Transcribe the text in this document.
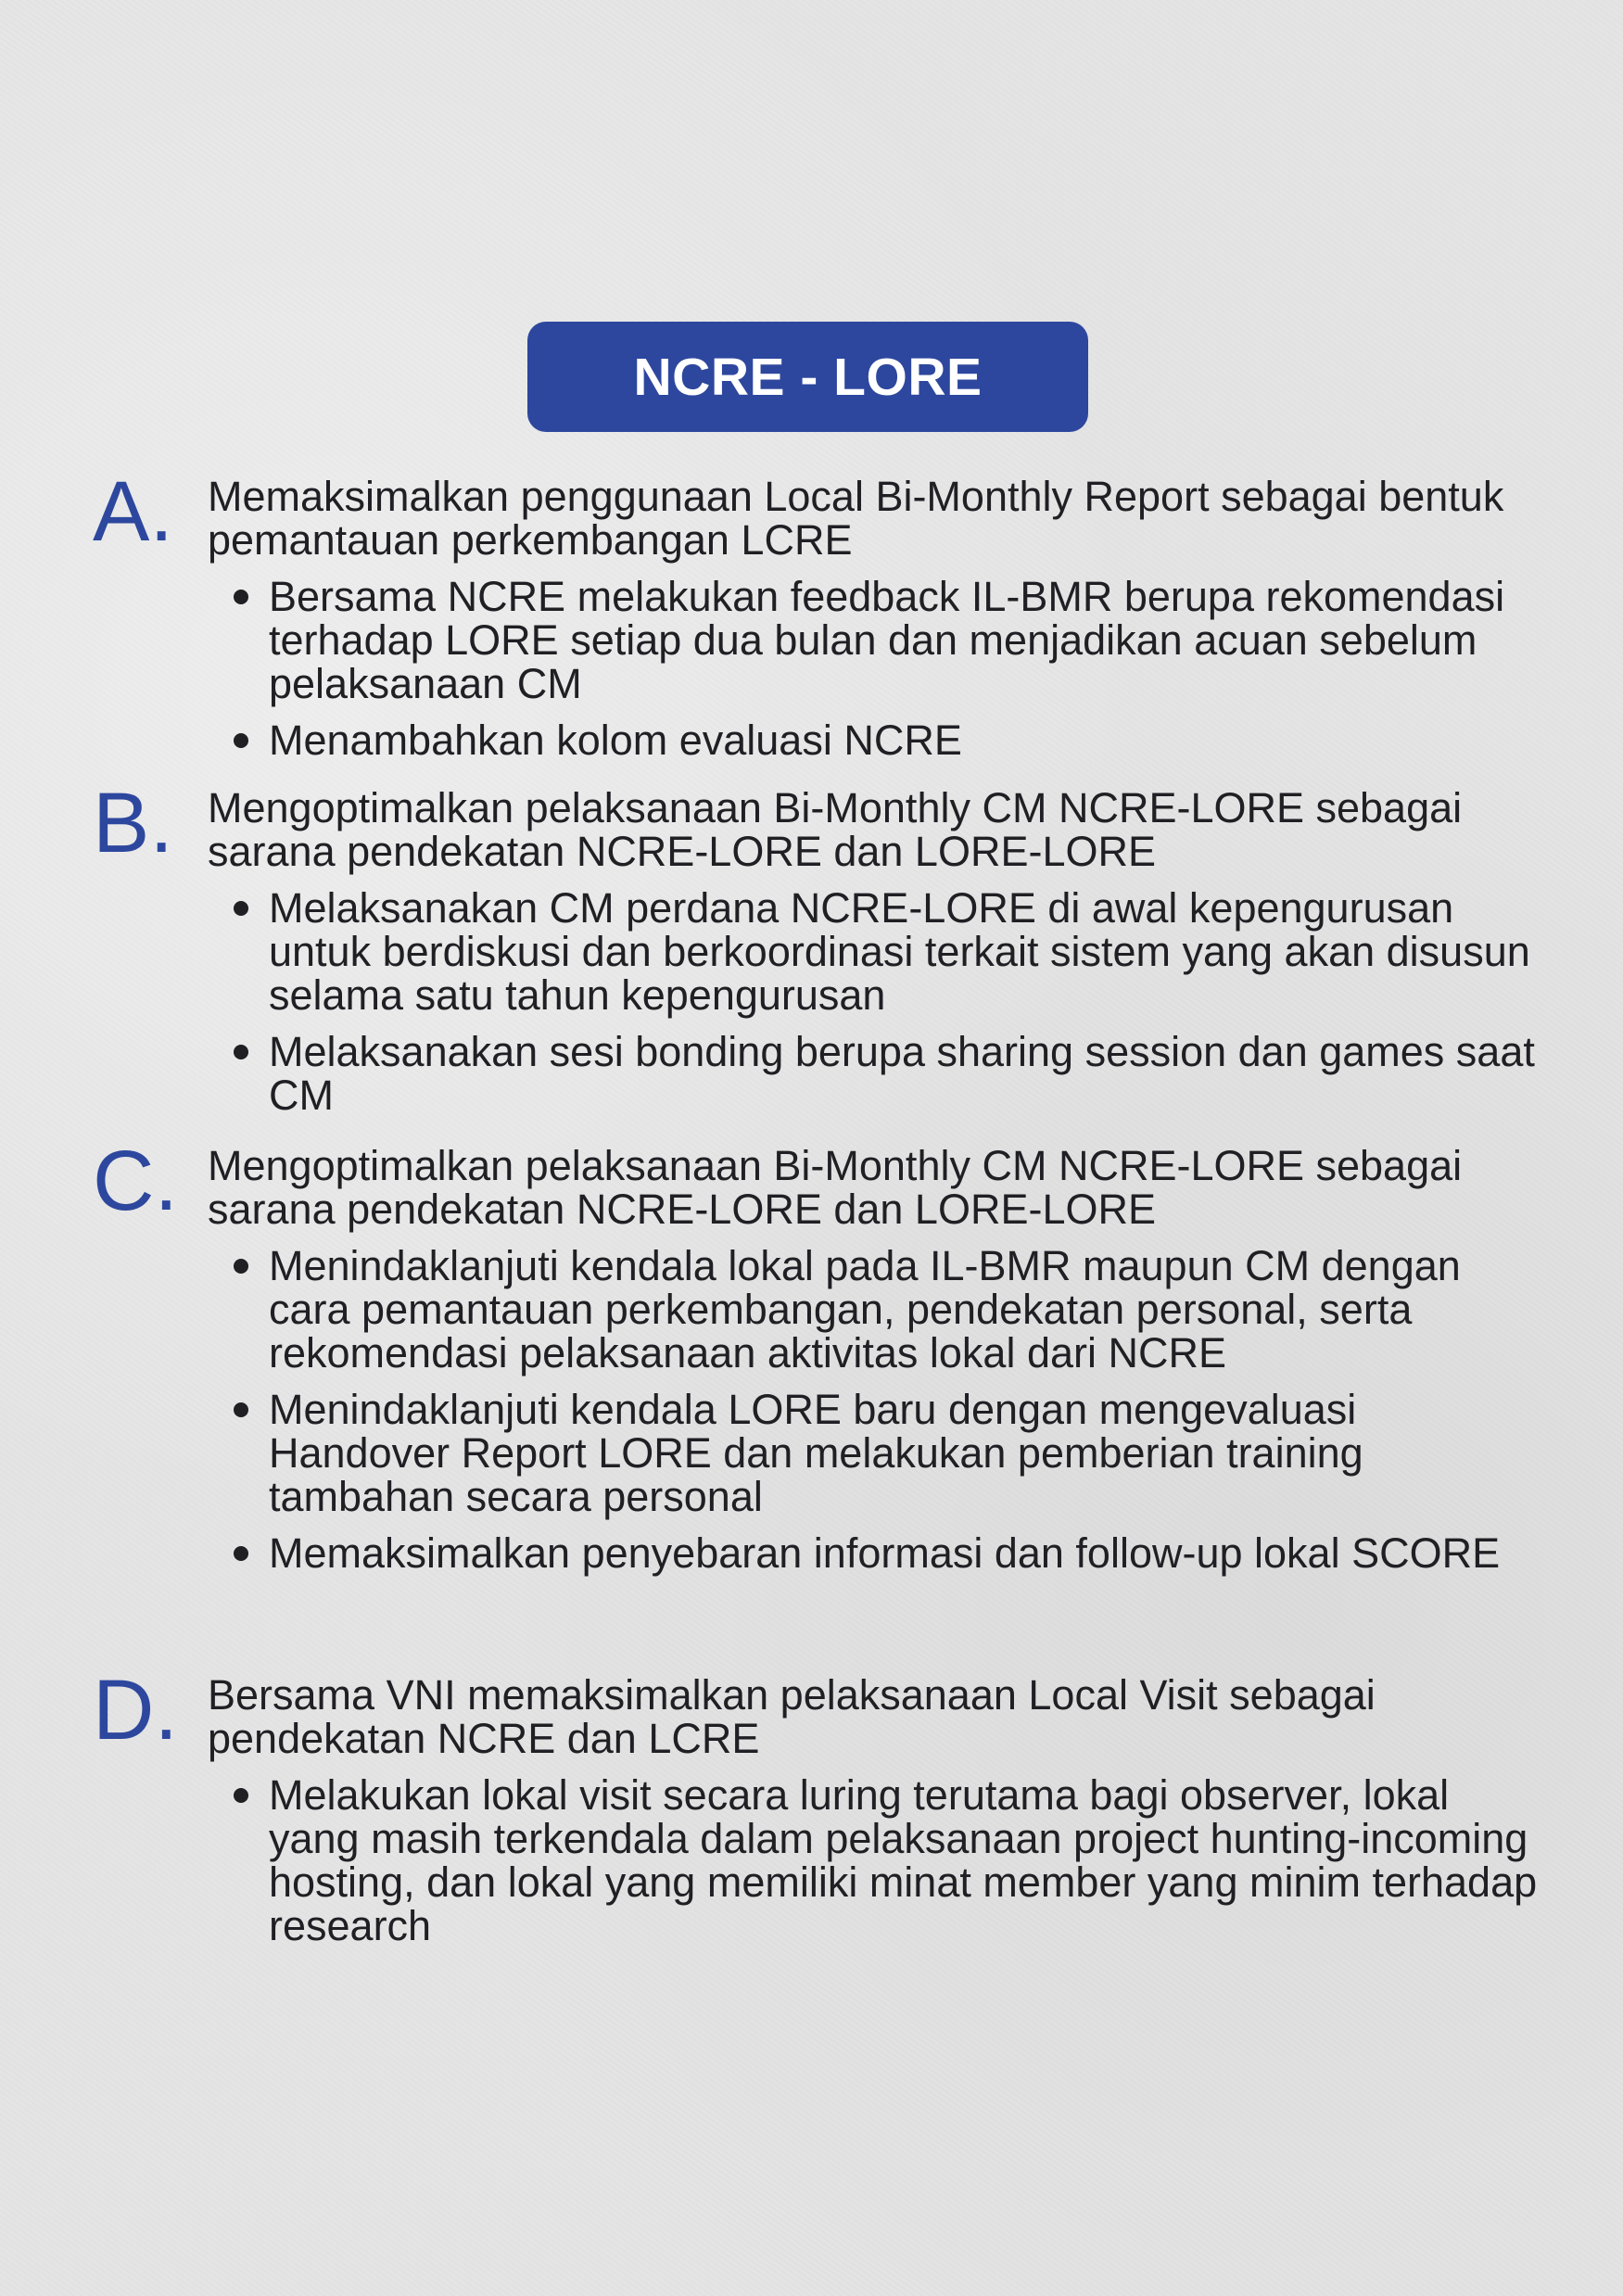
NCRE - LORE
A. Memaksimalkan penggunaan Local Bi-Monthly Report sebagai bentuk pemantauan perkembangan LCRE
Bersama NCRE melakukan feedback IL-BMR berupa rekomendasi terhadap LORE setiap dua bulan dan menjadikan acuan sebelum pelaksanaan CM
Menambahkan kolom evaluasi NCRE
B. Mengoptimalkan pelaksanaan Bi-Monthly CM NCRE-LORE sebagai sarana pendekatan NCRE-LORE dan LORE-LORE
Melaksanakan CM perdana NCRE-LORE di awal kepengurusan untuk berdiskusi dan berkoordinasi terkait sistem yang akan disusun selama satu tahun kepengurusan
Melaksanakan sesi bonding berupa sharing session dan games saat CM
C. Mengoptimalkan pelaksanaan Bi-Monthly CM NCRE-LORE sebagai sarana pendekatan NCRE-LORE dan LORE-LORE
Menindaklanjuti kendala lokal pada IL-BMR maupun CM dengan cara pemantauan perkembangan, pendekatan personal, serta rekomendasi pelaksanaan aktivitas lokal dari NCRE
Menindaklanjuti kendala LORE baru dengan mengevaluasi Handover Report LORE dan melakukan pemberian training tambahan secara personal
Memaksimalkan penyebaran informasi dan follow-up lokal SCORE
D. Bersama VNI memaksimalkan pelaksanaan Local Visit sebagai pendekatan NCRE dan LCRE
Melakukan lokal visit secara luring terutama bagi observer, lokal yang masih terkendala dalam pelaksanaan project hunting-incoming hosting, dan lokal yang memiliki minat member yang minim terhadap research
